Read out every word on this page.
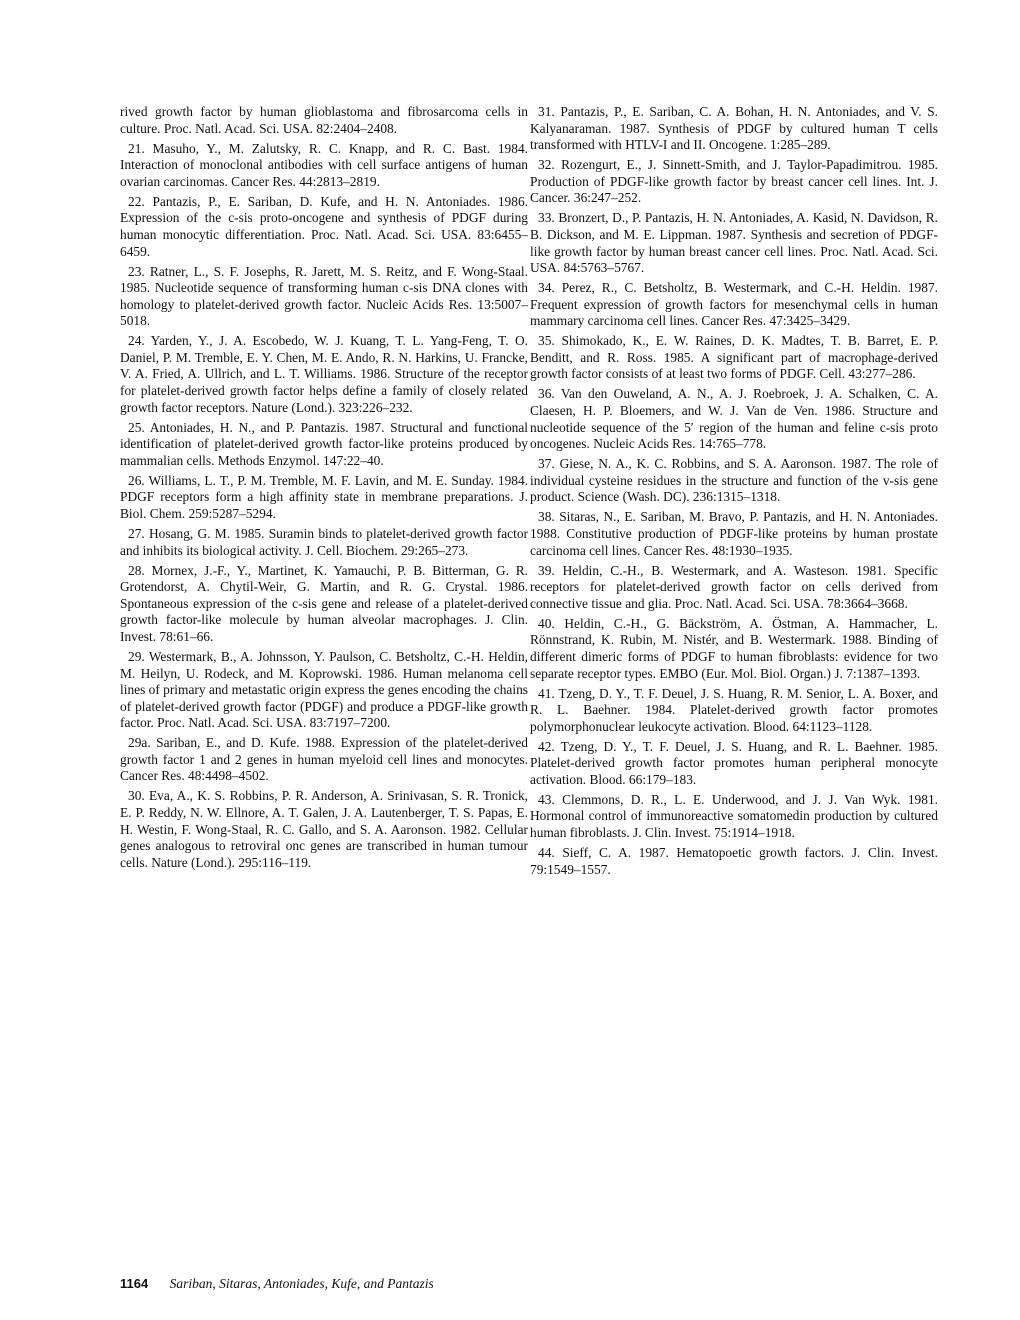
rived growth factor by human glioblastoma and fibrosarcoma cells in culture. Proc. Natl. Acad. Sci. USA. 82:2404–2408.

21. Masuho, Y., M. Zalutsky, R. C. Knapp, and R. C. Bast. 1984. Interaction of monoclonal antibodies with cell surface antigens of human ovarian carcinomas. Cancer Res. 44:2813–2819.

22. Pantazis, P., E. Sariban, D. Kufe, and H. N. Antoniades. 1986. Expression of the c-sis proto-oncogene and synthesis of PDGF during human monocytic differentiation. Proc. Natl. Acad. Sci. USA. 83:6455–6459.

23. Ratner, L., S. F. Josephs, R. Jarett, M. S. Reitz, and F. Wong-Staal. 1985. Nucleotide sequence of transforming human c-sis DNA clones with homology to platelet-derived growth factor. Nucleic Acids Res. 13:5007–5018.

24. Yarden, Y., J. A. Escobedo, W. J. Kuang, T. L. Yang-Feng, T. O. Daniel, P. M. Tremble, E. Y. Chen, M. E. Ando, R. N. Harkins, U. Francke, V. A. Fried, A. Ullrich, and L. T. Williams. 1986. Structure of the receptor for platelet-derived growth factor helps define a family of closely related growth factor receptors. Nature (Lond.). 323:226–232.

25. Antoniades, H. N., and P. Pantazis. 1987. Structural and functional identification of platelet-derived growth factor-like proteins produced by mammalian cells. Methods Enzymol. 147:22–40.

26. Williams, L. T., P. M. Tremble, M. F. Lavin, and M. E. Sunday. 1984. PDGF receptors form a high affinity state in membrane preparations. J. Biol. Chem. 259:5287–5294.

27. Hosang, G. M. 1985. Suramin binds to platelet-derived growth factor and inhibits its biological activity. J. Cell. Biochem. 29:265–273.

28. Mornex, J.-F., Y., Martinet, K. Yamauchi, P. B. Bitterman, G. R. Grotendorst, A. Chytil-Weir, G. Martin, and R. G. Crystal. 1986. Spontaneous expression of the c-sis gene and release of a platelet-derived growth factor-like molecule by human alveolar macrophages. J. Clin. Invest. 78:61–66.

29. Westermark, B., A. Johnsson, Y. Paulson, C. Betsholtz, C.-H. Heldin, M. Heilyn, U. Rodeck, and M. Koprowski. 1986. Human melanoma cell lines of primary and metastatic origin express the genes encoding the chains of platelet-derived growth factor (PDGF) and produce a PDGF-like growth factor. Proc. Natl. Acad. Sci. USA. 83:7197–7200.

29a. Sariban, E., and D. Kufe. 1988. Expression of the platelet-derived growth factor 1 and 2 genes in human myeloid cell lines and monocytes. Cancer Res. 48:4498–4502.

30. Eva, A., K. S. Robbins, P. R. Anderson, A. Srinivasan, S. R. Tronick, E. P. Reddy, N. W. Ellnore, A. T. Galen, J. A. Lautenberger, T. S. Papas, E. H. Westin, F. Wong-Staal, R. C. Gallo, and S. A. Aaronson. 1982. Cellular genes analogous to retroviral onc genes are transcribed in human tumour cells. Nature (Lond.). 295:116–119.

31. Pantazis, P., E. Sariban, C. A. Bohan, H. N. Antoniades, and V. S. Kalyanaraman. 1987. Synthesis of PDGF by cultured human T cells transformed with HTLV-I and II. Oncogene. 1:285–289.

32. Rozengurt, E., J. Sinnett-Smith, and J. Taylor-Papadimitrou. 1985. Production of PDGF-like growth factor by breast cancer cell lines. Int. J. Cancer. 36:247–252.

33. Bronzert, D., P. Pantazis, H. N. Antoniades, A. Kasid, N. Davidson, R. B. Dickson, and M. E. Lippman. 1987. Synthesis and secretion of PDGF-like growth factor by human breast cancer cell lines. Proc. Natl. Acad. Sci. USA. 84:5763–5767.

34. Perez, R., C. Betsholtz, B. Westermark, and C.-H. Heldin. 1987. Frequent expression of growth factors for mesenchymal cells in human mammary carcinoma cell lines. Cancer Res. 47:3425–3429.

35. Shimokado, K., E. W. Raines, D. K. Madtes, T. B. Barret, E. P. Benditt, and R. Ross. 1985. A significant part of macrophage-derived growth factor consists of at least two forms of PDGF. Cell. 43:277–286.

36. Van den Ouweland, A. N., A. J. Roebroek, J. A. Schalken, C. A. Claesen, H. P. Bloemers, and W. J. Van de Ven. 1986. Structure and nucleotide sequence of the 5′ region of the human and feline c-sis proto oncogenes. Nucleic Acids Res. 14:765–778.

37. Giese, N. A., K. C. Robbins, and S. A. Aaronson. 1987. The role of individual cysteine residues in the structure and function of the v-sis gene product. Science (Wash. DC). 236:1315–1318.

38. Sitaras, N., E. Sariban, M. Bravo, P. Pantazis, and H. N. Antoniades. 1988. Constitutive production of PDGF-like proteins by human prostate carcinoma cell lines. Cancer Res. 48:1930–1935.

39. Heldin, C.-H., B. Westermark, and A. Wasteson. 1981. Specific receptors for platelet-derived growth factor on cells derived from connective tissue and glia. Proc. Natl. Acad. Sci. USA. 78:3664–3668.

40. Heldin, C.-H., G. Bäckström, A. Östman, A. Hammacher, L. Rönnstrand, K. Rubin, M. Nistér, and B. Westermark. 1988. Binding of different dimeric forms of PDGF to human fibroblasts: evidence for two separate receptor types. EMBO (Eur. Mol. Biol. Organ.) J. 7:1387–1393.

41. Tzeng, D. Y., T. F. Deuel, J. S. Huang, R. M. Senior, L. A. Boxer, and R. L. Baehner. 1984. Platelet-derived growth factor promotes polymorphonuclear leukocyte activation. Blood. 64:1123–1128.

42. Tzeng, D. Y., T. F. Deuel, J. S. Huang, and R. L. Baehner. 1985. Platelet-derived growth factor promotes human peripheral monocyte activation. Blood. 66:179–183.

43. Clemmons, D. R., L. E. Underwood, and J. J. Van Wyk. 1981. Hormonal control of immunoreactive somatomedin production by cultured human fibroblasts. J. Clin. Invest. 75:1914–1918.

44. Sieff, C. A. 1987. Hematopoetic growth factors. J. Clin. Invest. 79:1549–1557.

1164 Sariban, Sitaras, Antoniades, Kufe, and Pantazis
